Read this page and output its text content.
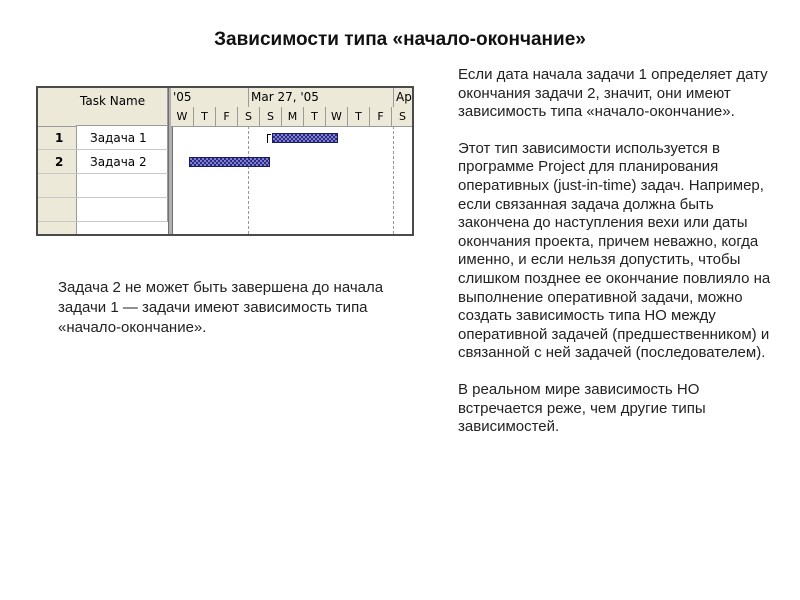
Зависимости типа «начало-окончание»
Task Name
1	Задача 1
2	Задача 2
'05	Mar 27, '05	Ap
W	T	F	S	S	M	T	W	T	F	S
Задача 2 не может быть завершена до начала задачи 1 — задачи имеют зависимость типа «начало-окончание».

Если дата начала задачи 1 определяет дату окончания задачи 2, значит, они имеют зависимость типа «начало-окончание».

Этот тип зависимости используется в программе Project для планирования оперативных (just-in-time) задач. Например, если связанная задача должна быть закончена до наступления вехи или даты окончания проекта, причем неважно, когда именно, и если нельзя допустить, чтобы слишком позднее ее окончание повлияло на выполнение оперативной задачи, можно создать зависимость типа НО между оперативной задачей (предшественником) и связанной с ней задачей (последователем).

В реальном мире зависимость НО встречается реже, чем другие типы зависимостей.
